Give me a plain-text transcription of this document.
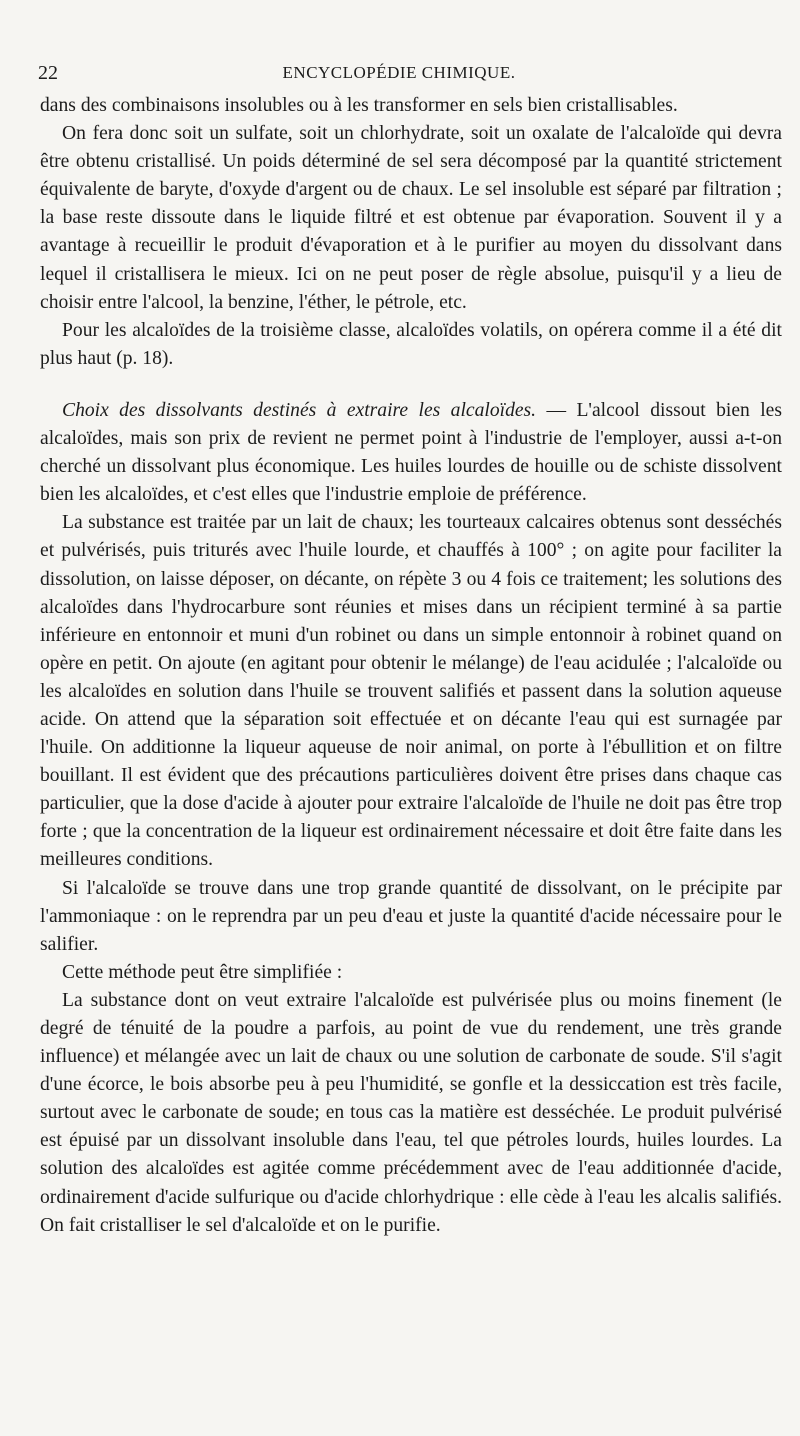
22	ENCYCLOPÉDIE CHIMIQUE.

dans des combinaisons insolubles ou à les transformer en sels bien cristallisables.

On fera donc soit un sulfate, soit un chlorhydrate, soit un oxalate de l'alcaloïde qui devra être obtenu cristallisé. Un poids déterminé de sel sera décomposé par la quantité strictement équivalente de baryte, d'oxyde d'argent ou de chaux. Le sel insoluble est séparé par filtration ; la base reste dissoute dans le liquide filtré et est obtenue par évaporation. Souvent il y a avantage à recueillir le produit d'évaporation et à le purifier au moyen du dissolvant dans lequel il cristallisera le mieux. Ici on ne peut poser de règle absolue, puisqu'il y a lieu de choisir entre l'alcool, la benzine, l'éther, le pétrole, etc.

Pour les alcaloïdes de la troisième classe, alcaloïdes volatils, on opérera comme il a été dit plus haut (p. 18).

Choix des dissolvants destinés à extraire les alcaloïdes. — L'alcool dissout bien les alcaloïdes, mais son prix de revient ne permet point à l'industrie de l'employer, aussi a-t-on cherché un dissolvant plus économique. Les huiles lourdes de houille ou de schiste dissolvent bien les alcaloïdes, et c'est elles que l'industrie emploie de préférence.

La substance est traitée par un lait de chaux; les tourteaux calcaires obtenus sont desséchés et pulvérisés, puis triturés avec l'huile lourde, et chauffés à 100° ; on agite pour faciliter la dissolution, on laisse déposer, on décante, on répète 3 ou 4 fois ce traitement; les solutions des alcaloïdes dans l'hydrocarbure sont réunies et mises dans un récipient terminé à sa partie inférieure en entonnoir et muni d'un robinet ou dans un simple entonnoir à robinet quand on opère en petit. On ajoute (en agitant pour obtenir le mélange) de l'eau acidulée ; l'alcaloïde ou les alcaloïdes en solution dans l'huile se trouvent salifiés et passent dans la solution aqueuse acide. On attend que la séparation soit effectuée et on décante l'eau qui est surnagée par l'huile. On additionne la liqueur aqueuse de noir animal, on porte à l'ébullition et on filtre bouillant. Il est évident que des précautions particulières doivent être prises dans chaque cas particulier, que la dose d'acide à ajouter pour extraire l'alcaloïde de l'huile ne doit pas être trop forte ; que la concentration de la liqueur est ordinairement nécessaire et doit être faite dans les meilleures conditions.

Si l'alcaloïde se trouve dans une trop grande quantité de dissolvant, on le précipite par l'ammoniaque : on le reprendra par un peu d'eau et juste la quantité d'acide nécessaire pour le salifier.

Cette méthode peut être simplifiée :

La substance dont on veut extraire l'alcaloïde est pulvérisée plus ou moins finement (le degré de ténuité de la poudre a parfois, au point de vue du rendement, une très grande influence) et mélangée avec un lait de chaux ou une solution de carbonate de soude. S'il s'agit d'une écorce, le bois absorbe peu à peu l'humidité, se gonfle et la dessiccation est très facile, surtout avec le carbonate de soude; en tous cas la matière est desséchée. Le produit pulvérisé est épuisé par un dissolvant insoluble dans l'eau, tel que pétroles lourds, huiles lourdes. La solution des alcaloïdes est agitée comme précédemment avec de l'eau additionnée d'acide, ordinairement d'acide sulfurique ou d'acide chlorhydrique : elle cède à l'eau les alcalis salifiés. On fait cristalliser le sel d'alcaloïde et on le purifie.
